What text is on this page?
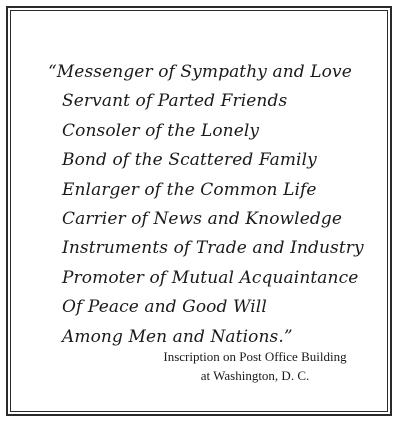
“Messenger of Sympathy and Love
Servant of Parted Friends
Consoler of the Lonely
Bond of the Scattered Family
Enlarger of the Common Life
Carrier of News and Knowledge
Instruments of Trade and Industry
Promoter of Mutual Acquaintance
Of Peace and Good Will
Among Men and Nations.”
Inscription on Post Office Building
at Washington, D. C.
